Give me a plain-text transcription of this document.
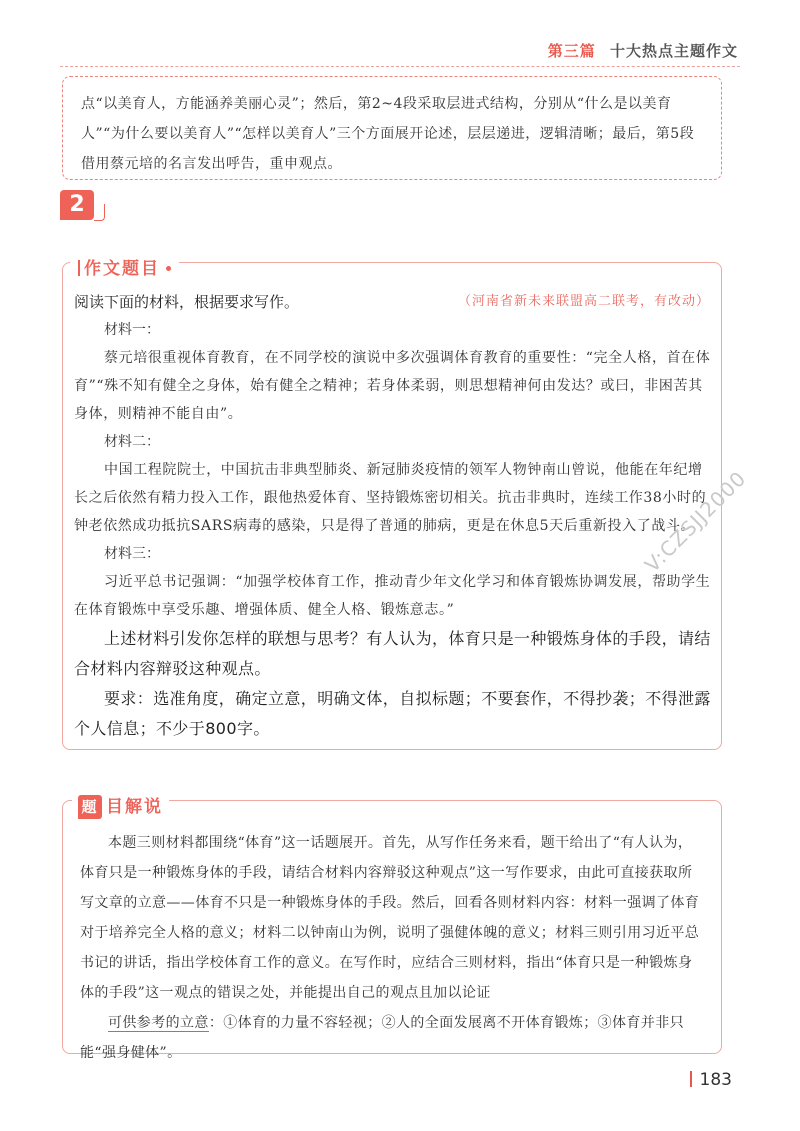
第三篇 十大热点主题作文
点“以美育人，方能涵养美丽心灵”；然后，第2~4段采取层进式结构，分别从“什么是以美育人”“为什么要以美育人”“怎样以美育人”三个方面展开论述，层层递进，逻辑清晰；最后，第5段借用蔡元培的名言发出呼告，重申观点。
2
作文题目
阅读下面的材料，根据要求写作。	（河南省新未来联盟高二联考，有改动）
材料一：

蔡元培很重视体育教育，在不同学校的演说中多次强调体育教育的重要性：“完全人格，首在体育”“殊不知有健全之身体，始有健全之精神；若身体柔弱，则思想精神何由发达？或曰，非困苦其身体，则精神不能自由”。

材料二：

中国工程院院士，中国抗击非典型肺炎、新冠肺炎疫情的领军人物钟南山曾说，他能在年纪增长之后依然有精力投入工作，跟他热爱体育、坚持锻炼密切相关。抗击非典时，连续工作38小时的钟老依然成功抵抗SARS病毒的感染，只是得了普通的肺病，更是在休息5天后重新投入了战斗。

材料三：

习近平总书记强调：“加强学校体育工作，推动青少年文化学习和体育锻炼协调发展，帮助学生在体育锻炼中享受乐趣、增强体质、健全人格、锻炼意志。”

上述材料引发你怎样的联想与思考？有人认为，体育只是一种锻炼身体的手段，请结合材料内容辩驳这种观点。

要求：选准角度，确定立意，明确文体，自拟标题；不要套作，不得抄袭；不得泄露个人信息；不少于800字。

V:CZSJJ2000
题 目解说

本题三则材料都围绕“体育”这一话题展开。首先，从写作任务来看，题干给出了“有人认为，体育只是一种锻炼身体的手段，请结合材料内容辩驳这种观点”这一写作要求，由此可直接获取所写文章的立意——体育不只是一种锻炼身体的手段。然后，回看各则材料内容：材料一强调了体育对于培养完全人格的意义；材料二以钟南山为例，说明了强健体魄的意义；材料三则引用习近平总书记的讲话，指出学校体育工作的意义。在写作时，应结合三则材料，指出“体育只是一种锻炼身体的手段”这一观点的错误之处，并能提出自己的观点且加以论证

可供参考的立意：①体育的力量不容轻视；②人的全面发展离不开体育锻炼；③体育并非只能“强身健体”。

183
